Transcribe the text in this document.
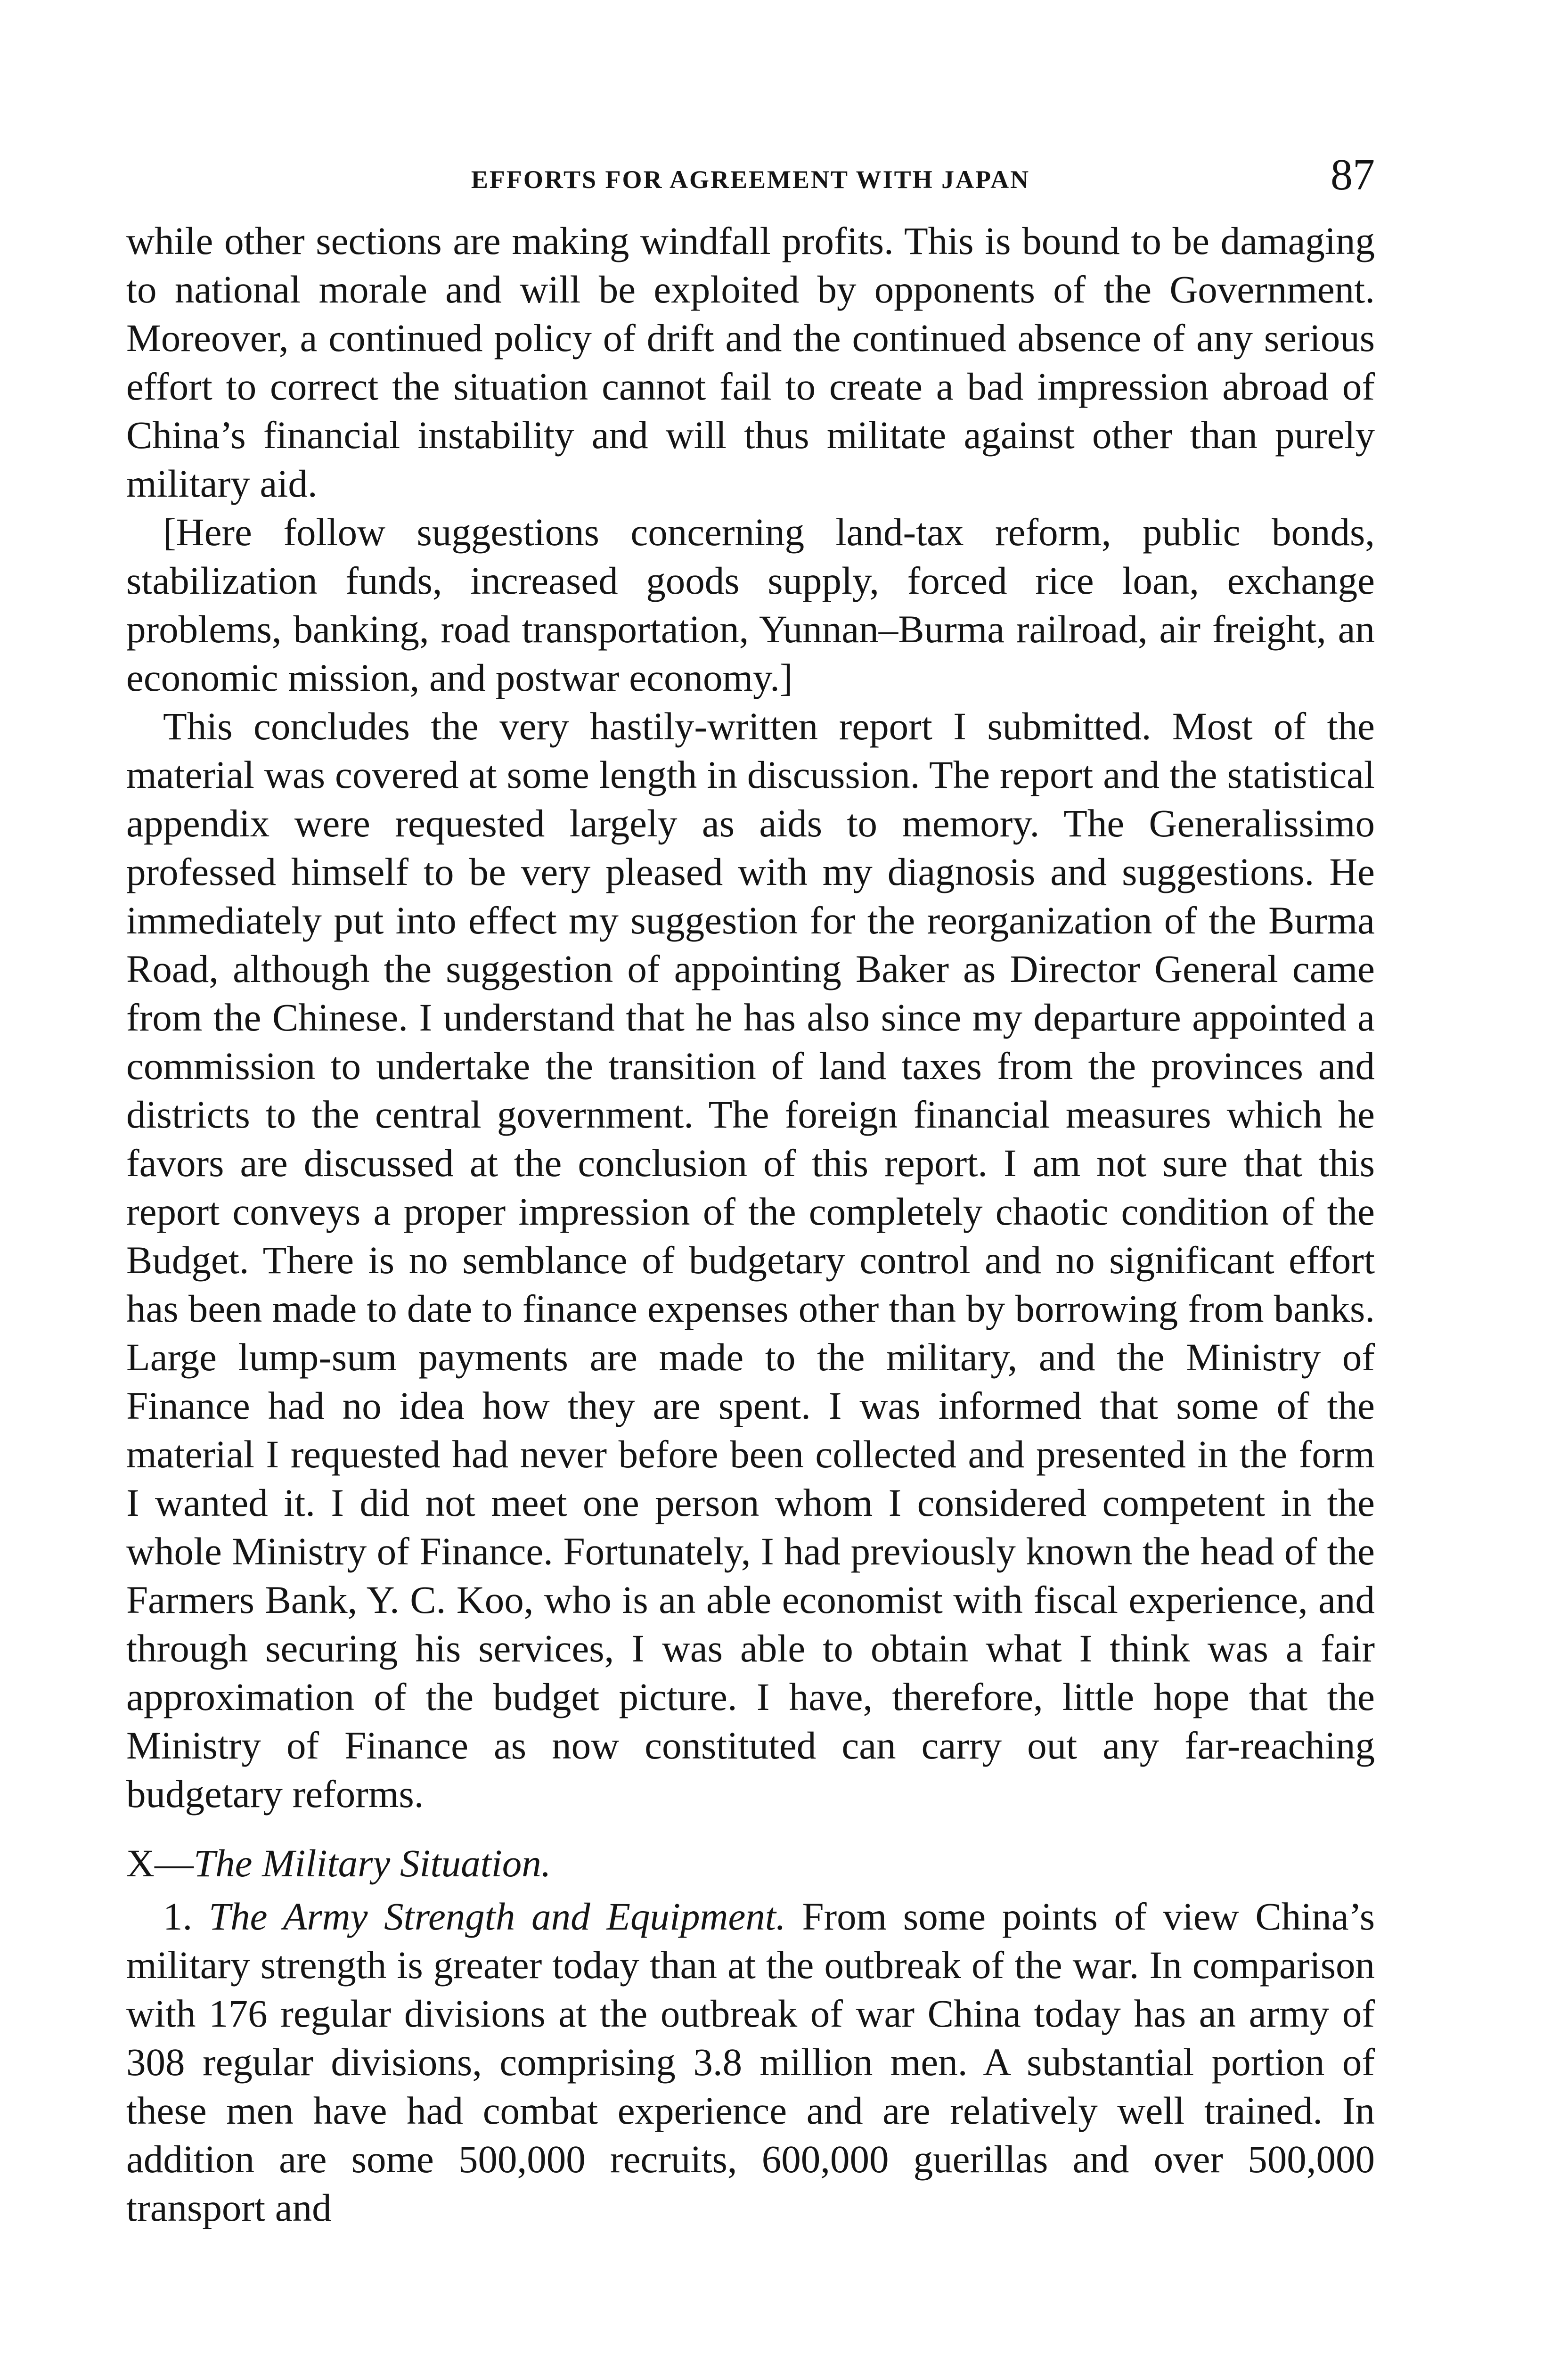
EFFORTS FOR AGREEMENT WITH JAPAN	87

while other sections are making windfall profits. This is bound to be damaging to national morale and will be exploited by opponents of the Government. Moreover, a continued policy of drift and the continued absence of any serious effort to correct the situation cannot fail to create a bad impression abroad of China’s financial instability and will thus militate against other than purely military aid.

[Here follow suggestions concerning land-tax reform, public bonds, stabilization funds, increased goods supply, forced rice loan, exchange problems, banking, road transportation, Yunnan–Burma railroad, air freight, an economic mission, and postwar economy.]

This concludes the very hastily-written report I submitted. Most of the material was covered at some length in discussion. The report and the statistical appendix were requested largely as aids to memory. The Generalissimo professed himself to be very pleased with my diagnosis and suggestions. He immediately put into effect my suggestion for the reorganization of the Burma Road, although the suggestion of appointing Baker as Director General came from the Chinese. I understand that he has also since my departure appointed a commission to undertake the transition of land taxes from the provinces and districts to the central government. The foreign financial measures which he favors are discussed at the conclusion of this report. I am not sure that this report conveys a proper impression of the completely chaotic condition of the Budget. There is no semblance of budgetary control and no significant effort has been made to date to finance expenses other than by borrowing from banks. Large lump-sum payments are made to the military, and the Ministry of Finance had no idea how they are spent. I was informed that some of the material I requested had never before been collected and presented in the form I wanted it. I did not meet one person whom I considered competent in the whole Ministry of Finance. Fortunately, I had previously known the head of the Farmers Bank, Y. C. Koo, who is an able economist with fiscal experience, and through securing his services, I was able to obtain what I think was a fair approximation of the budget picture. I have, therefore, little hope that the Ministry of Finance as now constituted can carry out any far-reaching budgetary reforms.

X—The Military Situation.

1. The Army Strength and Equipment. From some points of view China’s military strength is greater today than at the outbreak of the war. In comparison with 176 regular divisions at the outbreak of war China today has an army of 308 regular divisions, comprising 3.8 million men. A substantial portion of these men have had combat experience and are relatively well trained. In addition are some 500,000 recruits, 600,000 guerillas and over 500,000 transport and
